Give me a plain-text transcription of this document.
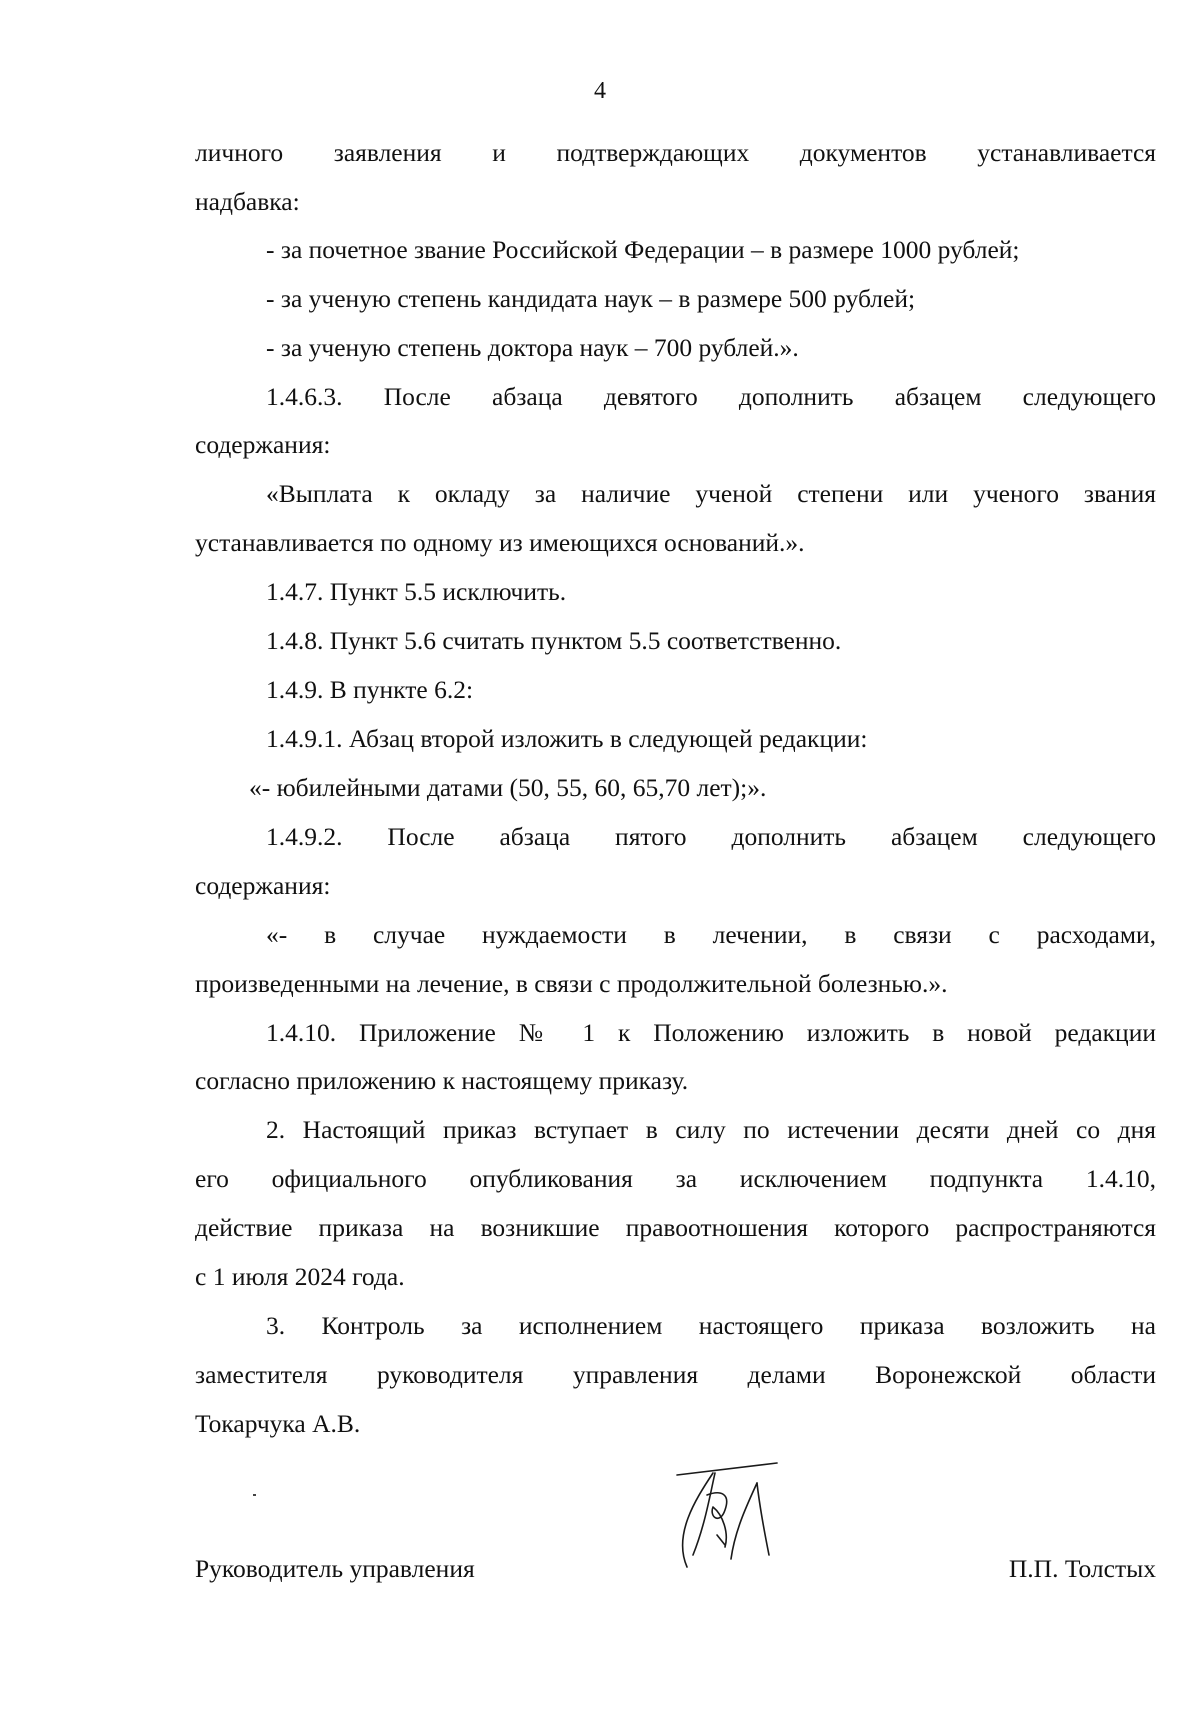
4
личного заявления и подтверждающих документов устанавливается
надбавка:
- за почетное звание Российской Федерации – в размере 1000 рублей;
- за ученую степень кандидата наук – в размере 500 рублей;
- за ученую степень доктора наук – 700 рублей.».
1.4.6.3. После абзаца девятого дополнить абзацем следующего
содержания:
«Выплата к окладу за наличие ученой степени или ученого звания
устанавливается по одному из имеющихся оснований.».
1.4.7. Пункт 5.5 исключить.
1.4.8. Пункт 5.6 считать пунктом 5.5 соответственно.
1.4.9. В пункте 6.2:
1.4.9.1. Абзац второй изложить в следующей редакции:
«- юбилейными датами (50, 55, 60, 65,70 лет);».
1.4.9.2. После абзаца пятого дополнить абзацем следующего
содержания:
«- в случае нуждаемости в лечении, в связи с расходами,
произведенными на лечение, в связи с продолжительной болезнью.».
1.4.10. Приложение № 1 к Положению изложить в новой редакции
согласно приложению к настоящему приказу.
2. Настоящий приказ вступает в силу по истечении десяти дней со дня
его официального опубликования за исключением подпункта 1.4.10,
действие приказа на возникшие правоотношения которого распространяются
с 1 июля 2024 года.
3. Контроль за исполнением настоящего приказа возложить на
заместителя руководителя управления делами Воронежской области
Токарчука А.В.
Руководитель управления	П.П. Толстых
